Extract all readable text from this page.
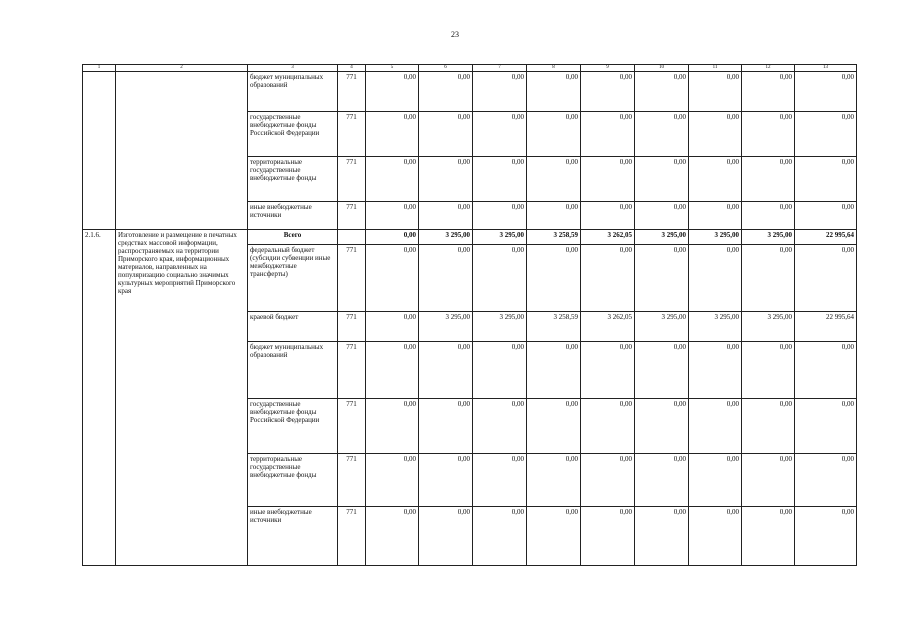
23
1	2	3	4	5	6	7	8	9	10	11	12	13
		бюджет муниципальных образований	771	0,00	0,00	0,00	0,00	0,00	0,00	0,00	0,00	0,00
		государственные внебюджетные фонды Российской Федерации	771	0,00	0,00	0,00	0,00	0,00	0,00	0,00	0,00	0,00
		территориальные государственные внебюджетные фонды	771	0,00	0,00	0,00	0,00	0,00	0,00	0,00	0,00	0,00
		иные внебюджетные источники	771	0,00	0,00	0,00	0,00	0,00	0,00	0,00	0,00	0,00
2.1.6.	Изготовление и размещение в печатных средствах массовой информации, распространяемых на территории Приморского края, информационных материалов, направленных на популяризацию социально значимых культурных мероприятий Приморского края	Всего		0,00	3 295,00	3 295,00	3 258,59	3 262,05	3 295,00	3 295,00	3 295,00	22 995,64
		федеральный бюджет (субсидии субвенции иные межбюджетные трансферты)	771	0,00	0,00	0,00	0,00	0,00	0,00	0,00	0,00	0,00
		краевой бюджет	771	0,00	3 295,00	3 295,00	3 258,59	3 262,05	3 295,00	3 295,00	3 295,00	22 995,64
		бюджет муниципальных образований	771	0,00	0,00	0,00	0,00	0,00	0,00	0,00	0,00	0,00
		государственные внебюджетные фонды Российской Федерации	771	0,00	0,00	0,00	0,00	0,00	0,00	0,00	0,00	0,00
		территориальные государственные внебюджетные фонды	771	0,00	0,00	0,00	0,00	0,00	0,00	0,00	0,00	0,00
		иные внебюджетные источники	771	0,00	0,00	0,00	0,00	0,00	0,00	0,00	0,00	0,00
